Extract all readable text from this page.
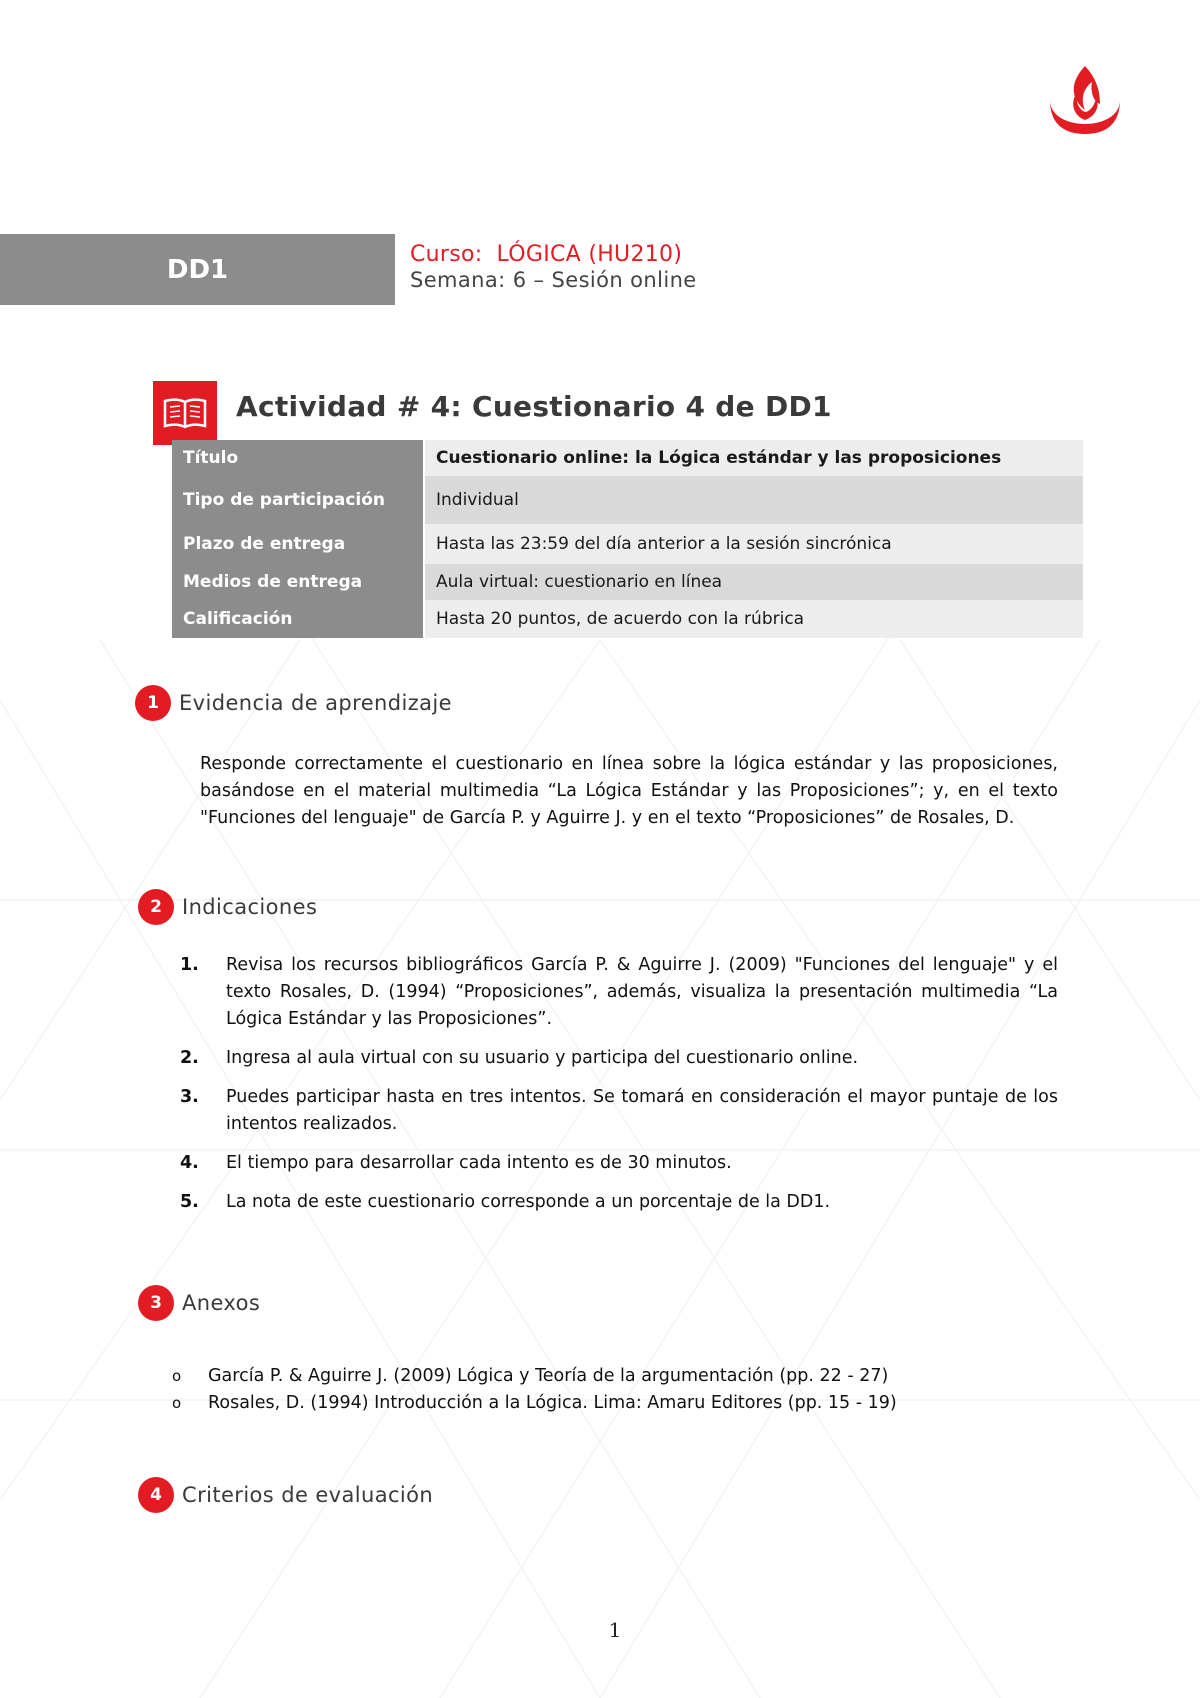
DD1	Curso: LÓGICA (HU210)
Semana: 6 – Sesión online
Actividad # 4: Cuestionario 4 de DD1
Título	Cuestionario online: la Lógica estándar y las proposiciones
Tipo de participación	Individual
Plazo de entrega	Hasta las 23:59 del día anterior a la sesión sincrónica
Medios de entrega	Aula virtual: cuestionario en línea
Calificación	Hasta 20 puntos, de acuerdo con la rúbrica
1 Evidencia de aprendizaje
Responde correctamente el cuestionario en línea sobre la lógica estándar y las proposiciones, basándose en el material multimedia “La Lógica Estándar y las Proposiciones”; y, en el texto "Funciones del lenguaje" de García P. y Aguirre J. y en el texto “Proposiciones” de Rosales, D.
2 Indicaciones
1.	Revisa los recursos bibliográficos García P. & Aguirre J. (2009) "Funciones del lenguaje" y el texto Rosales, D. (1994) “Proposiciones”, además, visualiza la presentación multimedia “La Lógica Estándar y las Proposiciones”.
2.	Ingresa al aula virtual con su usuario y participa del cuestionario online.
3.	Puedes participar hasta en tres intentos. Se tomará en consideración el mayor puntaje de los intentos realizados.
4.	El tiempo para desarrollar cada intento es de 30 minutos.
5.	La nota de este cuestionario corresponde a un porcentaje de la DD1.
3 Anexos
o	García P. & Aguirre J. (2009) Lógica y Teoría de la argumentación (pp. 22 - 27)
o	Rosales, D. (1994) Introducción a la Lógica. Lima: Amaru Editores (pp. 15 - 19)
4 Criterios de evaluación
1
